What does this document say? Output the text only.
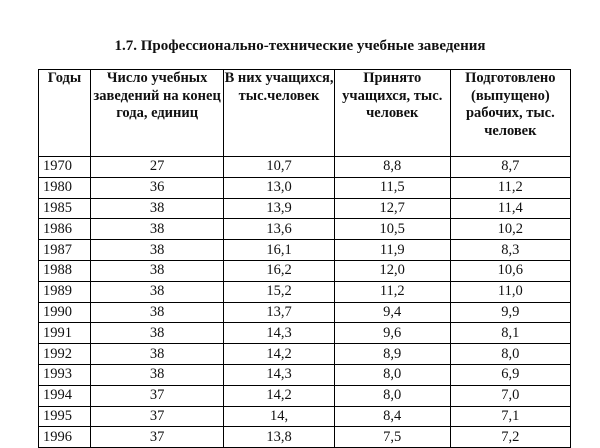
1.7. Профессионально-технические учебные заведения
Годы	Число учебных заведений на конец года, единиц	В них учащихся, тыс.человек	Принято учащихся, тыс. человек	Подготовлено (выпущено) рабочих, тыс. человек
1970	27	10,7	8,8	8,7
1980	36	13,0	11,5	11,2
1985	38	13,9	12,7	11,4
1986	38	13,6	10,5	10,2
1987	38	16,1	11,9	8,3
1988	38	16,2	12,0	10,6
1989	38	15,2	11,2	11,0
1990	38	13,7	9,4	9,9
1991	38	14,3	9,6	8,1
1992	38	14,2	8,9	8,0
1993	38	14,3	8,0	6,9
1994	37	14,2	8,0	7,0
1995	37	14,	8,4	7,1
1996	37	13,8	7,5	7,2
